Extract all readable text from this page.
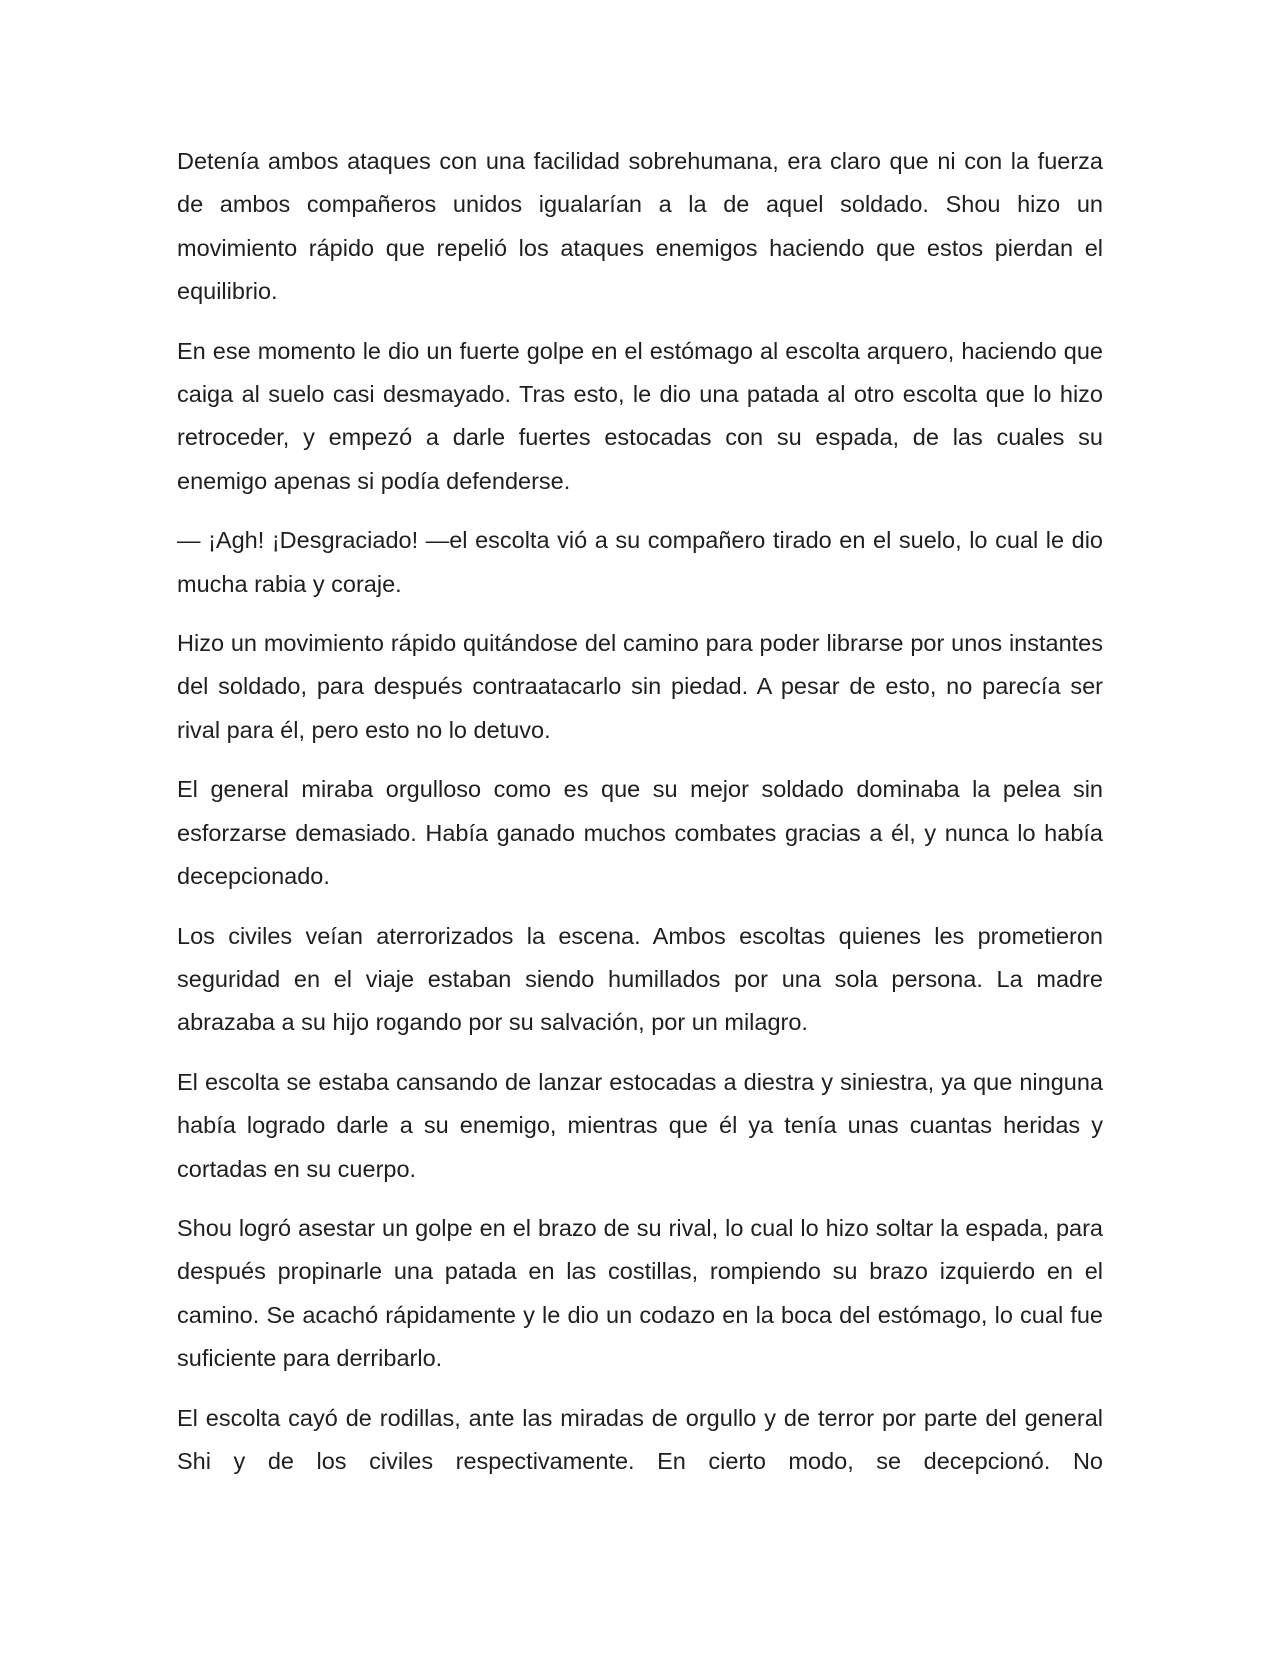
Detenía ambos ataques con una facilidad sobrehumana, era claro que ni con la fuerza de ambos compañeros unidos igualarían a la de aquel soldado. Shou hizo un movimiento rápido que repelió los ataques enemigos haciendo que estos pierdan el equilibrio.

En ese momento le dio un fuerte golpe en el estómago al escolta arquero, haciendo que caiga al suelo casi desmayado. Tras esto, le dio una patada al otro escolta que lo hizo retroceder, y empezó a darle fuertes estocadas con su espada, de las cuales su enemigo apenas si podía defenderse.

— ¡Agh! ¡Desgraciado! —el escolta vió a su compañero tirado en el suelo, lo cual le dio mucha rabia y coraje.

Hizo un movimiento rápido quitándose del camino para poder librarse por unos instantes del soldado, para después contraatacarlo sin piedad. A pesar de esto, no parecía ser rival para él, pero esto no lo detuvo.

El general miraba orgulloso como es que su mejor soldado dominaba la pelea sin esforzarse demasiado. Había ganado muchos combates gracias a él, y nunca lo había decepcionado.

Los civiles veían aterrorizados la escena. Ambos escoltas quienes les prometieron seguridad en el viaje estaban siendo humillados por una sola persona. La madre abrazaba a su hijo rogando por su salvación, por un milagro.

El escolta se estaba cansando de lanzar estocadas a diestra y siniestra, ya que ninguna había logrado darle a su enemigo, mientras que él ya tenía unas cuantas heridas y cortadas en su cuerpo.

Shou logró asestar un golpe en el brazo de su rival, lo cual lo hizo soltar la espada, para después propinarle una patada en las costillas, rompiendo su brazo izquierdo en el camino. Se acachó rápidamente y le dio un codazo en la boca del estómago, lo cual fue suficiente para derribarlo.

El escolta cayó de rodillas, ante las miradas de orgullo y de terror por parte del general Shi y de los civiles respectivamente. En cierto modo, se decepcionó. No
